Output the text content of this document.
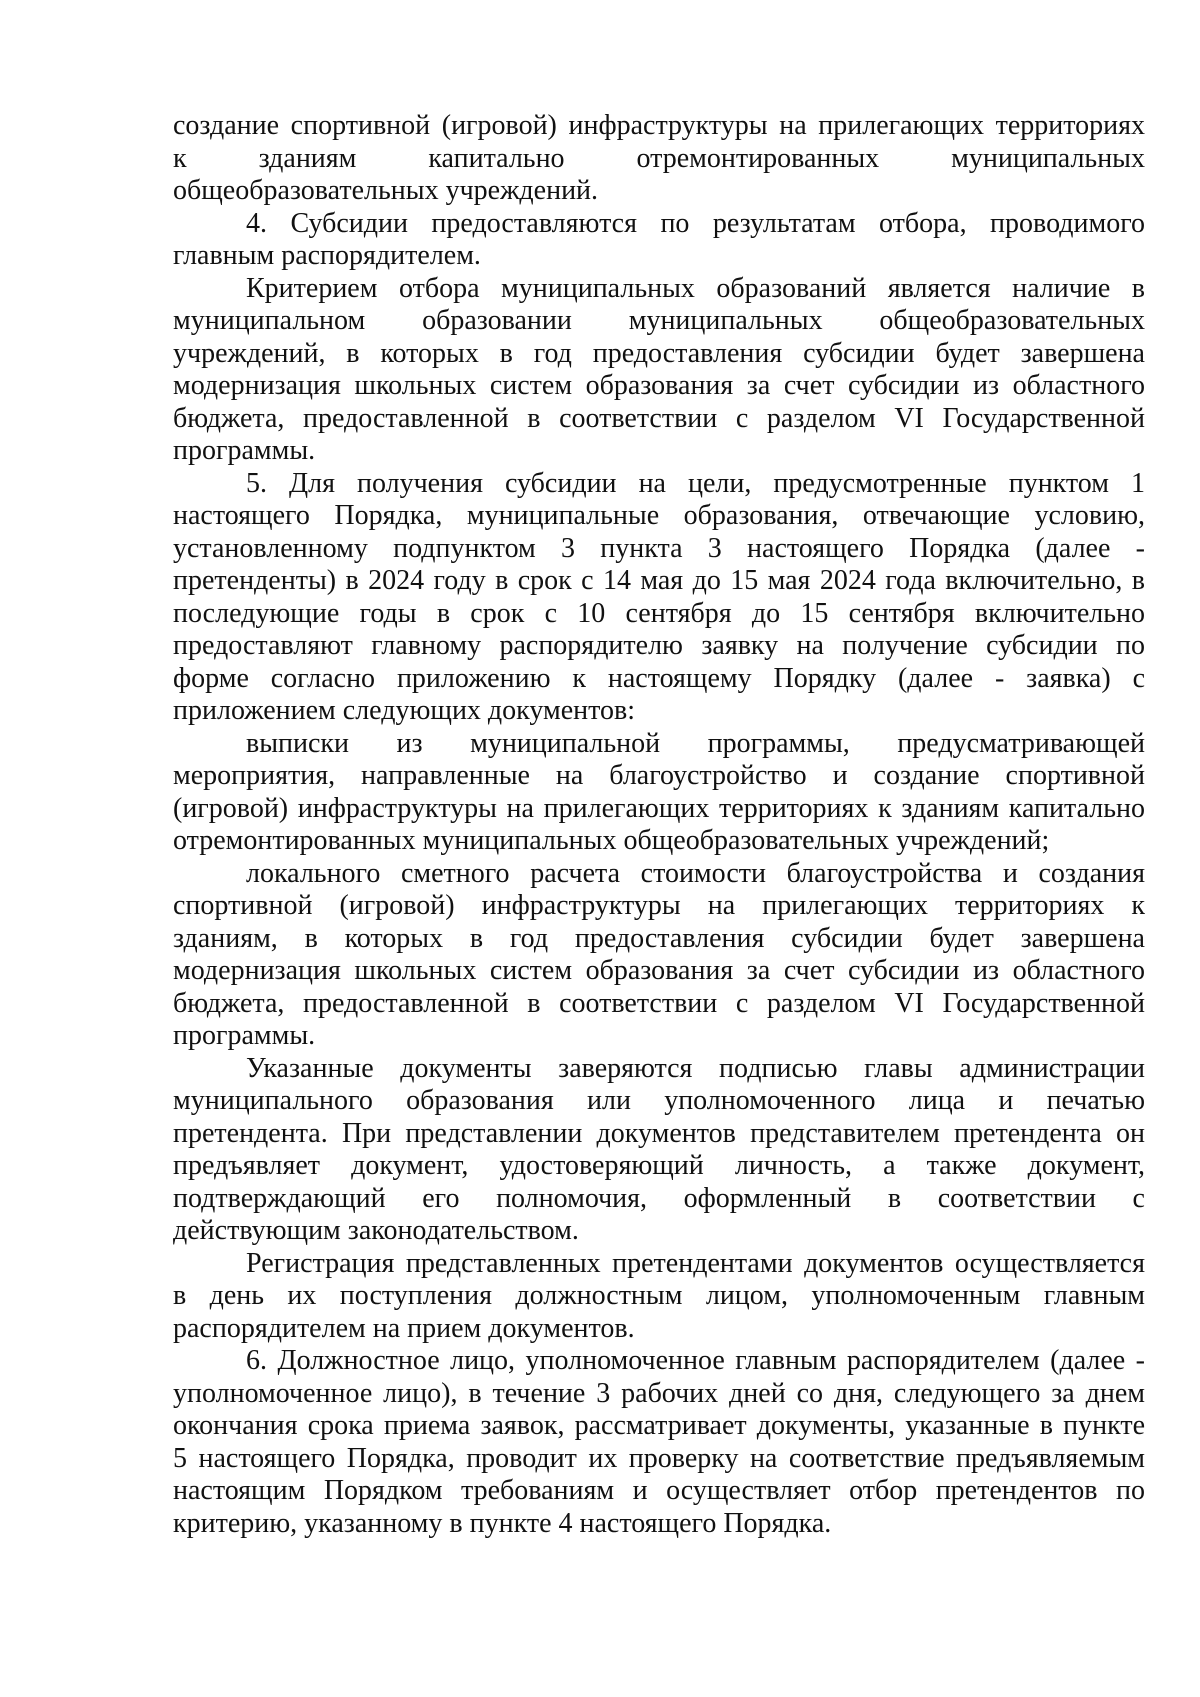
создание спортивной (игровой) инфраструктуры на прилегающих территориях
к зданиям капитально отремонтированных муниципальных
общеобразовательных учреждений.
4. Субсидии предоставляются по результатам отбора, проводимого
главным распорядителем.
Критерием отбора муниципальных образований является наличие в
муниципальном образовании муниципальных общеобразовательных
учреждений, в которых в год предоставления субсидии будет завершена
модернизация школьных систем образования за счет субсидии из областного
бюджета, предоставленной в соответствии с разделом VI Государственной
программы.
5. Для получения субсидии на цели, предусмотренные пунктом 1
настоящего Порядка, муниципальные образования, отвечающие условию,
установленному подпунктом 3 пункта 3 настоящего Порядка (далее -
претенденты) в 2024 году в срок с 14 мая до 15 мая 2024 года включительно, в
последующие годы в срок с 10 сентября до 15 сентября включительно
предоставляют главному распорядителю заявку на получение субсидии по
форме согласно приложению к настоящему Порядку (далее - заявка) с
приложением следующих документов:
выписки из муниципальной программы, предусматривающей
мероприятия, направленные на благоустройство и создание спортивной
(игровой) инфраструктуры на прилегающих территориях к зданиям капитально
отремонтированных муниципальных общеобразовательных учреждений;
локального сметного расчета стоимости благоустройства и создания
спортивной (игровой) инфраструктуры на прилегающих территориях к
зданиям, в которых в год предоставления субсидии будет завершена
модернизация школьных систем образования за счет субсидии из областного
бюджета, предоставленной в соответствии с разделом VI Государственной
программы.
Указанные документы заверяются подписью главы администрации
муниципального образования или уполномоченного лица и печатью
претендента. При представлении документов представителем претендента он
предъявляет документ, удостоверяющий личность, а также документ,
подтверждающий его полномочия, оформленный в соответствии с
действующим законодательством.
Регистрация представленных претендентами документов осуществляется
в день их поступления должностным лицом, уполномоченным главным
распорядителем на прием документов.
6. Должностное лицо, уполномоченное главным распорядителем (далее -
уполномоченное лицо), в течение 3 рабочих дней со дня, следующего за днем
окончания срока приема заявок, рассматривает документы, указанные в пункте
5 настоящего Порядка, проводит их проверку на соответствие предъявляемым
настоящим Порядком требованиям и осуществляет отбор претендентов по
критерию, указанному в пункте 4 настоящего Порядка.
